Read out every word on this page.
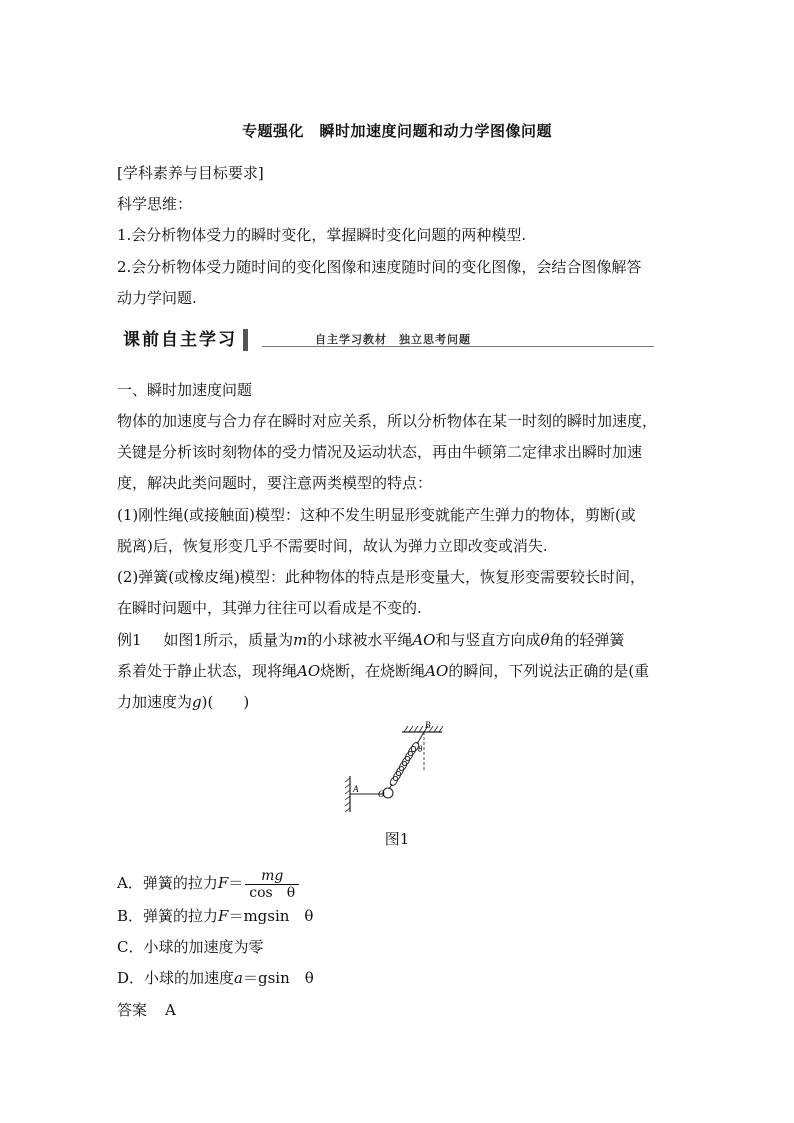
专题强化　瞬时加速度问题和动力学图像问题
[学科素养与目标要求]
科学思维：
1.会分析物体受力的瞬时变化，掌握瞬时变化问题的两种模型.
2.会分析物体受力随时间的变化图像和速度随时间的变化图像，会结合图像解答
动力学问题.
课前自主学习	自主学习教材　独立思考问题
一、瞬时加速度问题
物体的加速度与合力存在瞬时对应关系，所以分析物体在某一时刻的瞬时加速度，
关键是分析该时刻物体的受力情况及运动状态，再由牛顿第二定律求出瞬时加速
度，解决此类问题时，要注意两类模型的特点：
(1)刚性绳(或接触面)模型：这种不发生明显形变就能产生弹力的物体，剪断(或
脱离)后，恢复形变几乎不需要时间，故认为弹力立即改变或消失.
(2)弹簧(或橡皮绳)模型：此种物体的特点是形变量大，恢复形变需要较长时间，
在瞬时问题中，其弹力往往可以看成是不变的.
例1 如图1所示，质量为m的小球被水平绳AO和与竖直方向成θ角的轻弹簧
系着处于静止状态，现将绳AO烧断，在烧断绳AO的瞬间，下列说法正确的是(重
力加速度为g)(　　)
B
θ
A O
图1
A．弹簧的拉力$F= \frac{mg}{\text{cos　θ}}$
B．弹簧的拉力F＝mgsin　θ
C．小球的加速度为零
D．小球的加速度a＝gsin　θ
答案 A
